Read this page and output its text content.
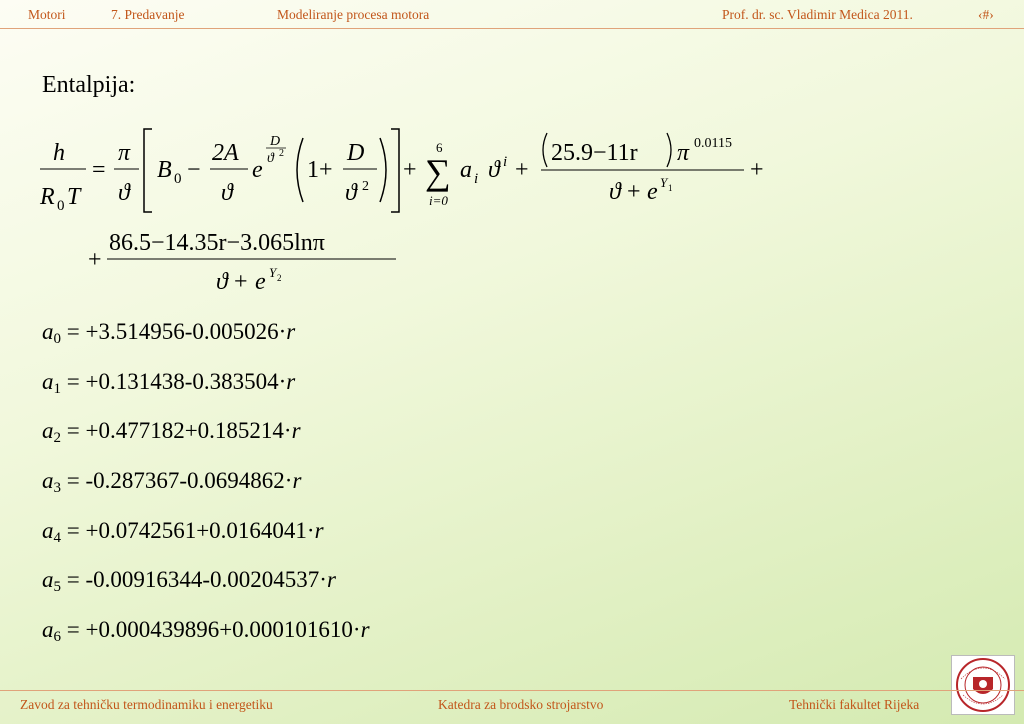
Motori	7. Predavanje	Modeliranje procesa motora	Prof. dr. sc. Vladimir Medica 2011.	‹#›
Entalpija:
h
R 0 T
=
π
ϑ
B 0 −
2A
ϑ
e
D
ϑ 2
1+
D
ϑ 2
+
6
∑
i=0
a i ϑ i +
25.9−11r π 0.0115
ϑ + e Y 1
+
+
86.5−14.35r−3.065lnπ
ϑ + e Y 2
$a_0 = +3.514956-0.005026\cdot r$
$a_1 = +0.131438-0.383504\cdot r$
$a_2 = +0.477182+0.185214\cdot r$
$a_3 = -0.287367-0.0694862\cdot r$
$a_4 = +0.0742561+0.0164041\cdot r$
$a_5 = -0.00916344-0.00204537\cdot r$
$a_6 = +0.000439896+0.000101610\cdot r$
Zavod za tehničku termodinamiku i energetiku	Katedra za brodsko strojarstvo	Tehnički fakultet Rijeka
